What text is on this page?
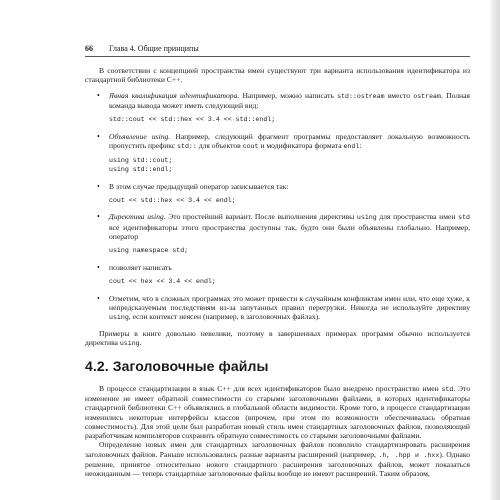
66 Глава 4. Общие принципы

В соответствии с концепцией пространства имен существуют три варианта использования идентификатора из стандартной библиотеки C++.

• Явная квалификация идентификатора. Например, можно написать std::ostream вместо ostream. Полная команда вывода может иметь следующий вид:
std::cout << std::hex << 3.4 << std::endl;
• Объявление using. Например, следующий фрагмент программы предоставляет локальную возможность пропустить префикс std:: для объектов cout и модификатора формата endl:
using std::cout;
using std::endl;
• В этом случае предыдущий оператор записывается так:
cout << std::hex << 3.4 << endl;
• Директива using. Это простейший вариант. После выполнения директивы using для пространства имен std все идентификаторы этого пространства доступны так, будто они были объявлены глобально. Например, оператор
using namespace std;
• позволяет написать
cout << hex << 3.4 << endl;
• Отметим, что в сложных программах это может привести к случайным конфликтам имен или, что еще хуже, к непредсказуемым последствиям из-за запутанных правил перегрузки. Никогда не используйте директиву using, если контекст неясен (например, в заголовочных файлах).

Примеры в книге довольно невелики, поэтому в завершенных примерах программ обычно используется директива using.

4.2. Заголовочные файлы

В процессе стандартизации в язык C++ для всех идентификаторов было внедрено пространство имен std. Это изменение не имеет обратной совместимости со старыми заголовочными файлами, в которых идентификаторы стандартной библиотеки C++ объявлялись в глобальной области видимости. Кроме того, в процессе стандартизации изменились некоторые интерфейсы классов (впрочем, при этом по возможности обеспечивалась обратная совместимость). Для этой цели был разработан новый стиль имен стандартных заголовочных файлов, позволяющий разработчикам компиляторов сохранить обратную совместимость со старыми заголовочными файлами.

Определение новых имен для стандартных заголовочных файлов позволило стандартизировать расширения заголовочных файлов. Раньше использовались разные варианты расширений (например, .h, .hpp и .hxx). Однако решение, принятое относительно нового стандартного расширения заголовочных файлов, может показаться неожиданным — теперь стандартные заголовочные файлы вообще не имеют расширений. Таким образом,
